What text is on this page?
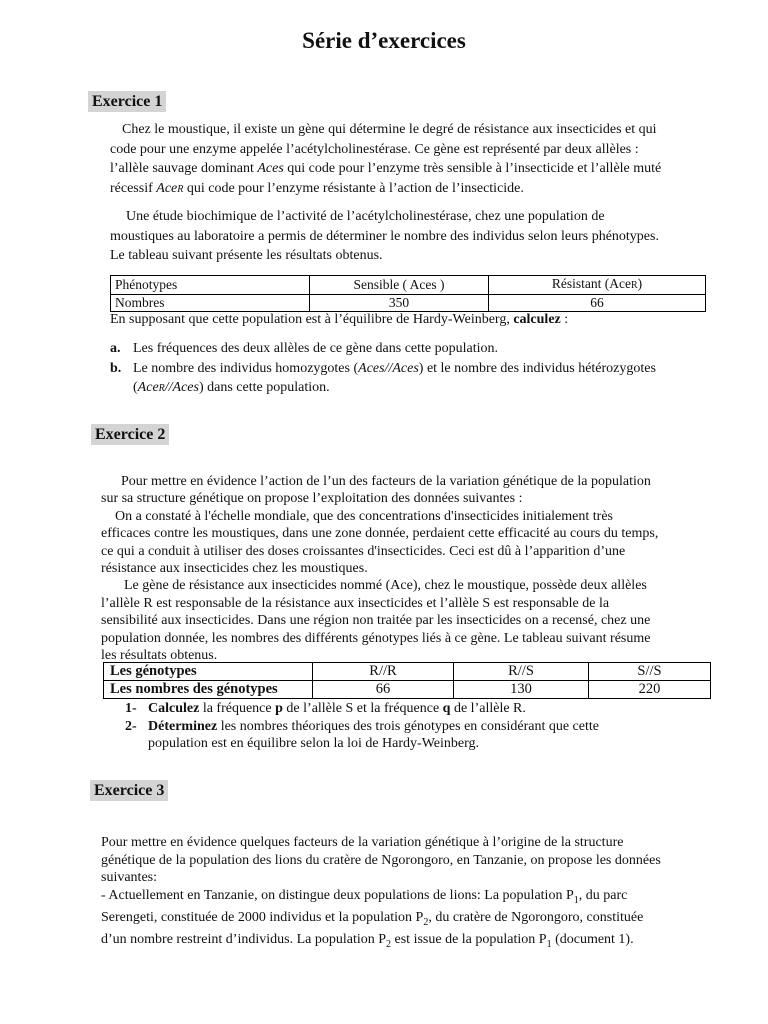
Série d’exercices
Exercice 1
Chez le moustique, il existe un gène qui détermine le degré de résistance aux insecticides et qui
code pour une enzyme appelée l’acétylcholinestérase. Ce gène est représenté par deux allèles :
l’allèle sauvage dominant Aces qui code pour l’enzyme très sensible à l’insecticide et l’allèle muté
récessif AceR qui code pour l’enzyme résistante à l’action de l’insecticide.
Une étude biochimique de l’activité de l’acétylcholinestérase, chez une population de
moustiques au laboratoire a permis de déterminer le nombre des individus selon leurs phénotypes.
Le tableau suivant présente les résultats obtenus.
Phénotypes	Sensible ( Aces )	Résistant (AceR)
Nombres	350	66
En supposant que cette population est à l’équilibre de Hardy-Weinberg, calculez :
a. Les fréquences des deux allèles de ce gène dans cette population.
b. Le nombre des individus homozygotes (Aces//Aces) et le nombre des individus hétérozygotes
(AceR//Aces) dans cette population.
Exercice 2
Pour mettre en évidence l’action de l’un des facteurs de la variation génétique de la population
sur sa structure génétique on propose l’exploitation des données suivantes :
On a constaté à l'échelle mondiale, que des concentrations d'insecticides initialement très
efficaces contre les moustiques, dans une zone donnée, perdaient cette efficacité au cours du temps,
ce qui a conduit à utiliser des doses croissantes d'insecticides. Ceci est dû à l’apparition d’une
résistance aux insecticides chez les moustiques.
Le gène de résistance aux insecticides nommé (Ace), chez le moustique, possède deux allèles
l’allèle R est responsable de la résistance aux insecticides et l’allèle S est responsable de la
sensibilité aux insecticides. Dans une région non traitée par les insecticides on a recensé, chez une
population donnée, les nombres des différents génotypes liés à ce gène. Le tableau suivant résume
les résultats obtenus.
Les génotypes	R//R	R//S	S//S
Les nombres des génotypes	66	130	220
1- Calculez la fréquence p de l’allèle S et la fréquence q de l’allèle R.
2- Déterminez les nombres théoriques des trois génotypes en considérant que cette
population est en équilibre selon la loi de Hardy-Weinberg.
Exercice 3
Pour mettre en évidence quelques facteurs de la variation génétique à l’origine de la structure
génétique de la population des lions du cratère de Ngorongoro, en Tanzanie, on propose les données
suivantes:
- Actuellement en Tanzanie, on distingue deux populations de lions: La population $P_1$, du parc
Serengeti, constituée de 2000 individus et la population $P_2$, du cratère de Ngorongoro, constituée
d’un nombre restreint d’individus. La population $P_2$ est issue de la population $P_1$ (document 1).
